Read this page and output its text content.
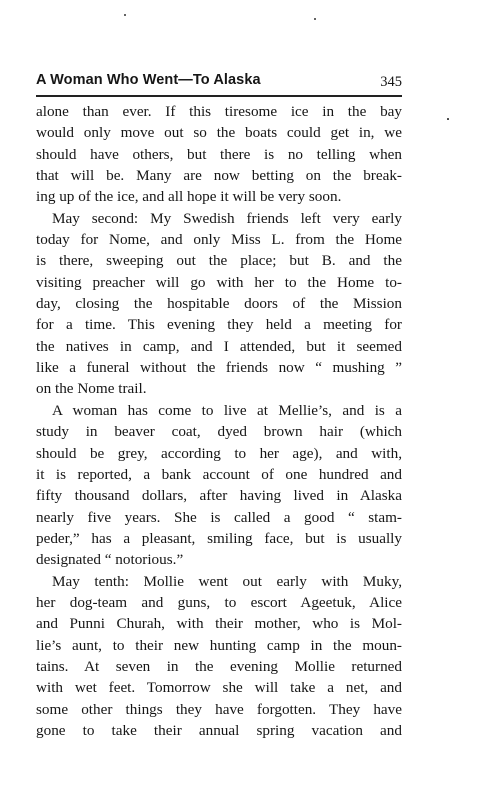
A Woman Who Went—To Alaska	345
alone than ever. If this tiresome ice in the bay
would only move out so the boats could get in, we
should have others, but there is no telling when
that will be. Many are now betting on the break-
ing up of the ice, and all hope it will be very soon.
May second: My Swedish friends left very early
today for Nome, and only Miss L. from the Home
is there, sweeping out the place; but B. and the
visiting preacher will go with her to the Home to-
day, closing the hospitable doors of the Mission
for a time. This evening they held a meeting for
the natives in camp, and I attended, but it seemed
like a funeral without the friends now “ mushing ”
on the Nome trail.
A woman has come to live at Mellie’s, and is a
study in beaver coat, dyed brown hair (which
should be grey, according to her age), and with,
it is reported, a bank account of one hundred and
fifty thousand dollars, after having lived in Alaska
nearly five years. She is called a good “ stam-
peder,” has a pleasant, smiling face, but is usually
designated “ notorious.”
May tenth: Mollie went out early with Muky,
her dog-team and guns, to escort Ageetuk, Alice
and Punni Churah, with their mother, who is Mol-
lie’s aunt, to their new hunting camp in the moun-
tains. At seven in the evening Mollie returned
with wet feet. Tomorrow she will take a net, and
some other things they have forgotten. They have
gone to take their annual spring vacation and
